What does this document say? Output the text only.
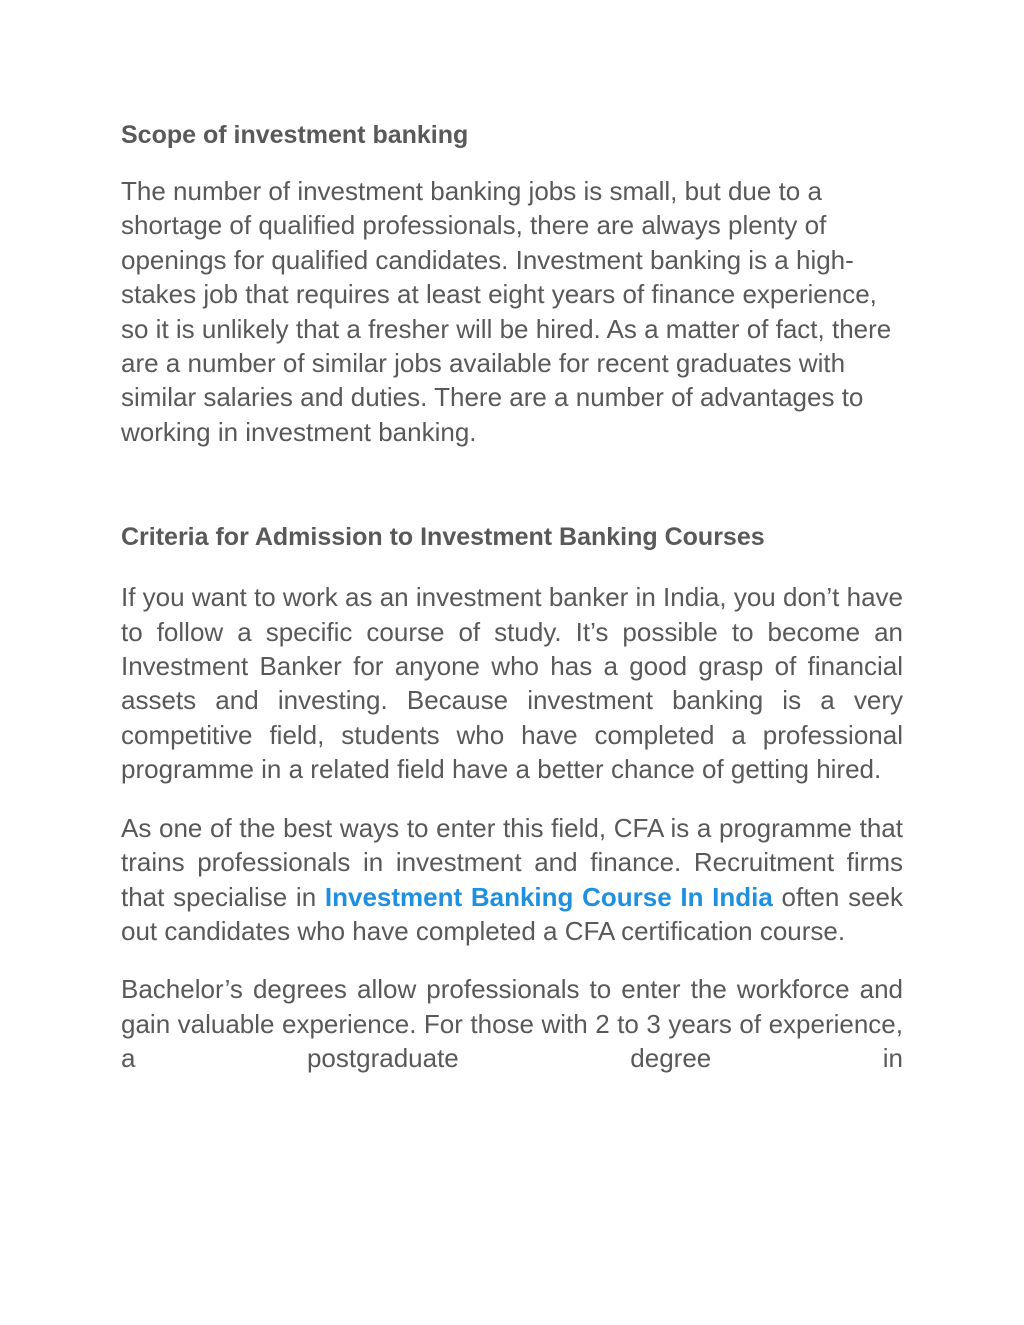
Scope of investment banking

The number of investment banking jobs is small, but due to a shortage of qualified professionals, there are always plenty of openings for qualified candidates. Investment banking is a high-stakes job that requires at least eight years of finance experience, so it is unlikely that a fresher will be hired. As a matter of fact, there are a number of similar jobs available for recent graduates with similar salaries and duties. There are a number of advantages to working in investment banking.

Criteria for Admission to Investment Banking Courses

If you want to work as an investment banker in India, you don’t have to follow a specific course of study. It’s possible to become an Investment Banker for anyone who has a good grasp of financial assets and investing. Because investment banking is a very competitive field, students who have completed a professional programme in a related field have a better chance of getting hired.

As one of the best ways to enter this field, CFA is a programme that trains professionals in investment and finance. Recruitment firms that specialise in Investment Banking Course In India often seek out candidates who have completed a CFA certification course.

Bachelor’s degrees allow professionals to enter the workforce and gain valuable experience. For those with 2 to 3 years of experience, a postgraduate degree in
